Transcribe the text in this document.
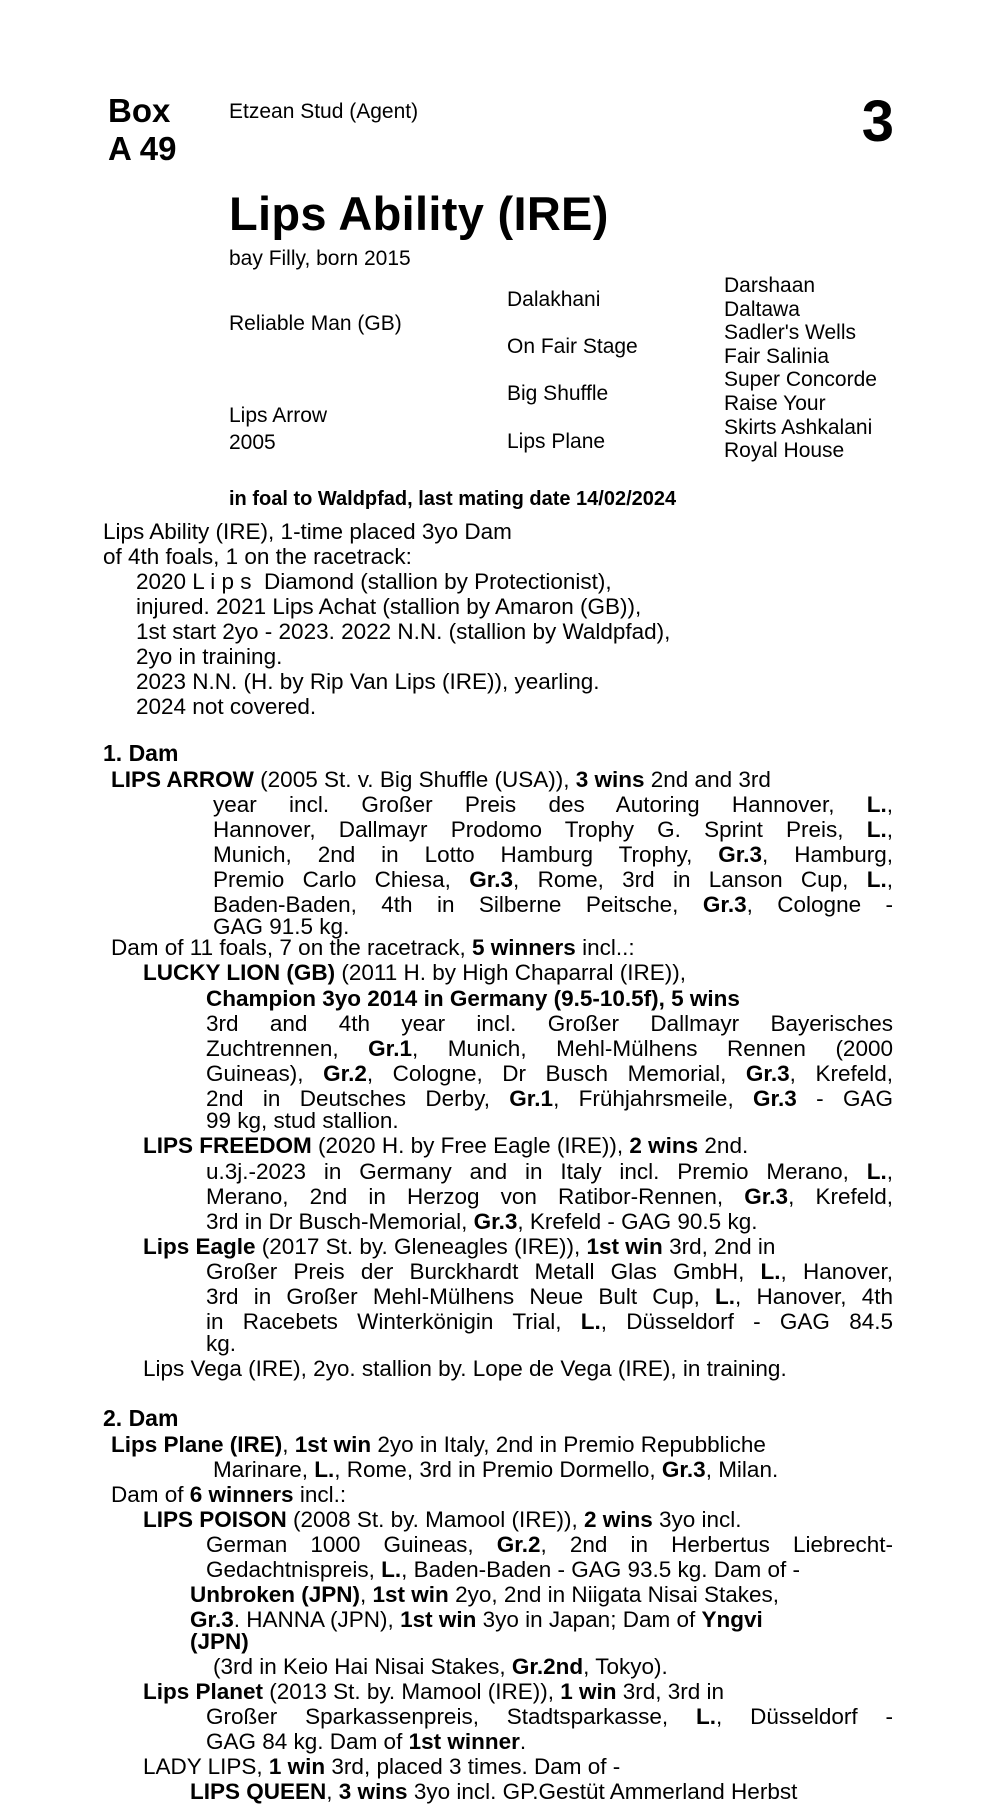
Box
A 49
Etzean Stud (Agent)	3
Lips Ability (IRE)
bay Filly, born 2015
Reliable Man (GB)
Lips Arrow
2005
Dalakhani
On Fair Stage
Big Shuffle
Lips Plane
Darshaan
Daltawa
Sadler's Wells
Fair Salinia
Super Concorde
Raise Your
Skirts Ashkalani
Royal House
in foal to Waldpfad, last mating date 14/02/2024
Lips Ability (IRE), 1-time placed 3yo Dam
of 4th foals, 1 on the racetrack:
2020 L i p s  Diamond (stallion by Protectionist),
injured. 2021 Lips Achat (stallion by Amaron (GB)),
1st start 2yo - 2023. 2022 N.N. (stallion by Waldpfad),
2yo in training.
2023 N.N. (H. by Rip Van Lips (IRE)), yearling.
2024 not covered.
1. Dam
LIPS ARROW (2005 St. v. Big Shuffle (USA)), 3 wins 2nd and 3rd
year incl. Großer Preis des Autoring Hannover, L.,
Hannover, Dallmayr Prodomo Trophy G. Sprint Preis, L.,
Munich, 2nd in Lotto Hamburg Trophy, Gr.3, Hamburg,
Premio Carlo Chiesa, Gr.3, Rome, 3rd in Lanson Cup, L.,
Baden-Baden, 4th in Silberne Peitsche, Gr.3, Cologne -
GAG 91.5 kg.
Dam of 11 foals, 7 on the racetrack, 5 winners incl..:
LUCKY LION (GB) (2011 H. by High Chaparral (IRE)),
Champion 3yo 2014 in Germany (9.5-10.5f), 5 wins
3rd and 4th year incl. Großer Dallmayr Bayerisches
Zuchtrennen, Gr.1, Munich, Mehl-Mülhens Rennen (2000
Guineas), Gr.2, Cologne, Dr Busch Memorial, Gr.3, Krefeld,
2nd in Deutsches Derby, Gr.1, Frühjahrsmeile, Gr.3 - GAG
99 kg, stud stallion.
LIPS FREEDOM (2020 H. by Free Eagle (IRE)), 2 wins 2nd.
u.3j.-2023 in Germany and in Italy incl. Premio Merano, L.,
Merano, 2nd in Herzog von Ratibor-Rennen, Gr.3, Krefeld,
3rd in Dr Busch-Memorial, Gr.3, Krefeld - GAG 90.5 kg.
Lips Eagle (2017 St. by. Gleneagles (IRE)), 1st win 3rd, 2nd in
Großer Preis der Burckhardt Metall Glas GmbH, L., Hanover,
3rd in Großer Mehl-Mülhens Neue Bult Cup, L., Hanover, 4th
in Racebets Winterkönigin Trial, L., Düsseldorf - GAG 84.5
kg.
Lips Vega (IRE), 2yo. stallion by. Lope de Vega (IRE), in training.
2. Dam
Lips Plane (IRE), 1st win 2yo in Italy, 2nd in Premio Repubbliche
Marinare, L., Rome, 3rd in Premio Dormello, Gr.3, Milan.
Dam of 6 winners incl.:
LIPS POISON (2008 St. by. Mamool (IRE)), 2 wins 3yo incl.
German 1000 Guineas, Gr.2, 2nd in Herbertus Liebrecht-
Gedachtnispreis, L., Baden-Baden - GAG 93.5 kg. Dam of -
Unbroken (JPN), 1st win 2yo, 2nd in Niigata Nisai Stakes,
Gr.3. HANNA (JPN), 1st win 3yo in Japan; Dam of Yngvi
(JPN)
(3rd in Keio Hai Nisai Stakes, Gr.2nd, Tokyo).
Lips Planet (2013 St. by. Mamool (IRE)), 1 win 3rd, 3rd in
Großer Sparkassenpreis, Stadtsparkasse, L., Düsseldorf -
GAG 84 kg. Dam of 1st winner.
LADY LIPS, 1 win 3rd, placed 3 times. Dam of -
LIPS QUEEN, 3 wins 3yo incl. GP.Gestüt Ammerland Herbst
